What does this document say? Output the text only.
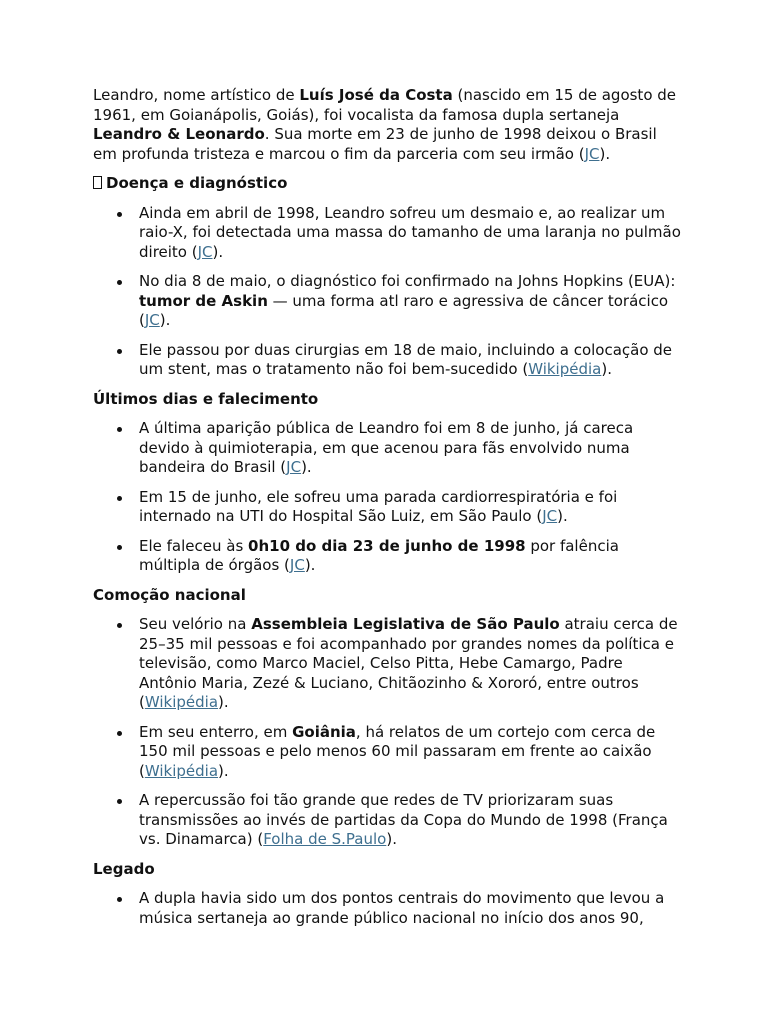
Leandro, nome artístico de Luís José da Costa (nascido em 15 de agosto de 1961, em Goianápolis, Goiás), foi vocalista da famosa dupla sertaneja Leandro & Leonardo. Sua morte em 23 de junho de 1998 deixou o Brasil em profunda tristeza e marcou o fim da parceria com seu irmão (JC).

Doença e diagnóstico
Ainda em abril de 1998, Leandro sofreu um desmaio e, ao realizar um raio-X, foi detectada uma massa do tamanho de uma laranja no pulmão direito (JC).
No dia 8 de maio, o diagnóstico foi confirmado na Johns Hopkins (EUA): tumor de Askin — uma forma atl raro e agressiva de câncer torácico (JC).
Ele passou por duas cirurgias em 18 de maio, incluindo a colocação de um stent, mas o tratamento não foi bem-sucedido (Wikipédia).
Últimos dias e falecimento
A última aparição pública de Leandro foi em 8 de junho, já careca devido à quimioterapia, em que acenou para fãs envolvido numa bandeira do Brasil (JC).
Em 15 de junho, ele sofreu uma parada cardiorrespiratória e foi internado na UTI do Hospital São Luiz, em São Paulo (JC).
Ele faleceu às 0h10 do dia 23 de junho de 1998 por falência múltipla de órgãos (JC).
Comoção nacional
Seu velório na Assembleia Legislativa de São Paulo atraiu cerca de 25–35 mil pessoas e foi acompanhado por grandes nomes da política e televisão, como Marco Maciel, Celso Pitta, Hebe Camargo, Padre Antônio Maria, Zezé & Luciano, Chitãozinho & Xororó, entre outros (Wikipédia).
Em seu enterro, em Goiânia, há relatos de um cortejo com cerca de 150 mil pessoas e pelo menos 60 mil passaram em frente ao caixão (Wikipédia).
A repercussão foi tão grande que redes de TV priorizaram suas transmissões ao invés de partidas da Copa do Mundo de 1998 (França vs. Dinamarca) (Folha de S.Paulo).
Legado
A dupla havia sido um dos pontos centrais do movimento que levou a música sertaneja ao grande público nacional no início dos anos 90,
